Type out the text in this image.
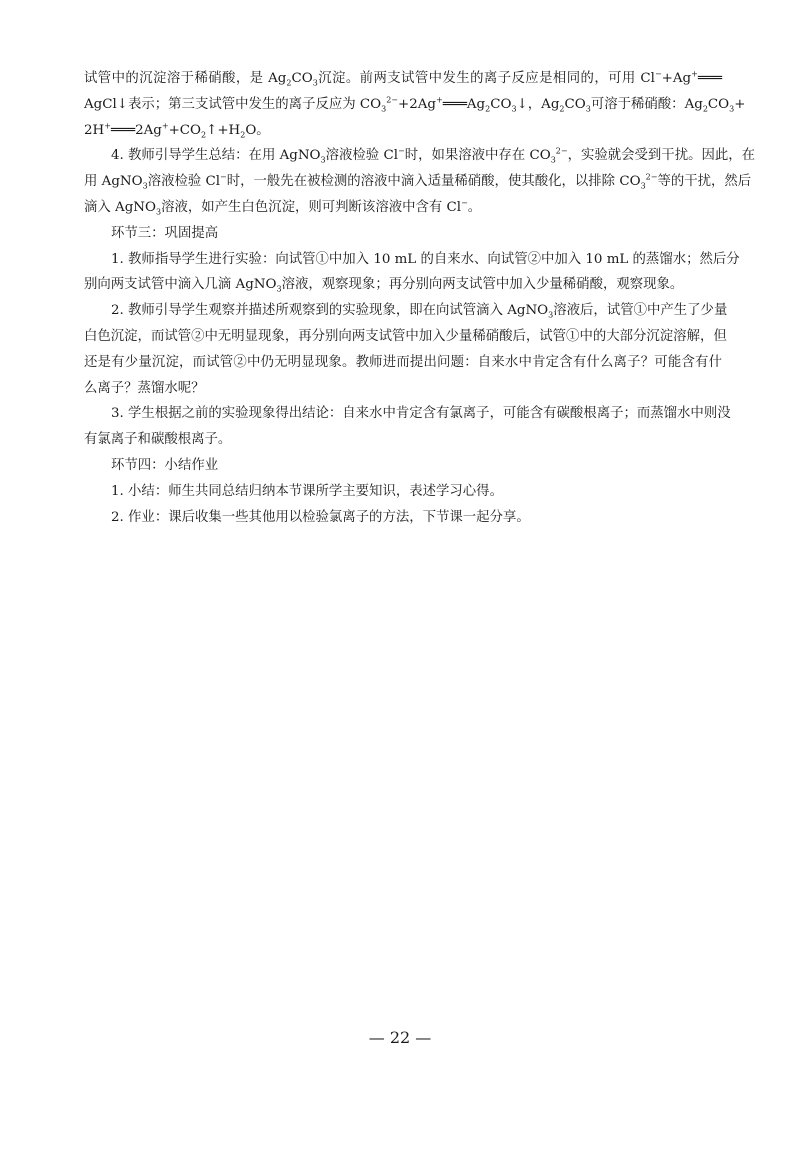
试管中的沉淀溶于稀硝酸，是 $Ag_2CO_3$沉淀。前两支试管中发生的离子反应是相同的，可用 Cl−+Ag+═══
AgCl↓表示；第三支试管中发生的离子反应为 $CO_3^{2-}+2Ag^+═══Ag_2CO_3↓$，$Ag_2CO_3$可溶于稀硝酸：$Ag_2CO_3+$
$2H^+═══2Ag^++CO_2↑+H_2O$。
4. 教师引导学生总结：在用 AgNO$_3$溶液检验 Cl−时，如果溶液中存在 $CO_3^{2-}$，实验就会受到干扰。因此，在
用 AgNO$_3$溶液检验 Cl−时，一般先在被检测的溶液中滴入适量稀硝酸，使其酸化，以排除 $CO_3^{2-}$等的干扰，然后
滴入 AgNO$_3$溶液，如产生白色沉淀，则可判断该溶液中含有 Cl−。
环节三：巩固提高
1. 教师指导学生进行实验：向试管①中加入 10 mL 的自来水、向试管②中加入 10 mL 的蒸馏水；然后分
别向两支试管中滴入几滴 AgNO$_3$溶液，观察现象；再分别向两支试管中加入少量稀硝酸，观察现象。
2. 教师引导学生观察并描述所观察到的实验现象，即在向试管滴入 AgNO$_3$溶液后，试管①中产生了少量
白色沉淀，而试管②中无明显现象，再分别向两支试管中加入少量稀硝酸后，试管①中的大部分沉淀溶解，但
还是有少量沉淀，而试管②中仍无明显现象。教师进而提出问题：自来水中肯定含有什么离子？可能含有什
么离子？蒸馏水呢？
3. 学生根据之前的实验现象得出结论：自来水中肯定含有氯离子，可能含有碳酸根离子；而蒸馏水中则没
有氯离子和碳酸根离子。
环节四：小结作业
1. 小结：师生共同总结归纳本节课所学主要知识，表述学习心得。
2. 作业：课后收集一些其他用以检验氯离子的方法，下节课一起分享。
— 22 —
